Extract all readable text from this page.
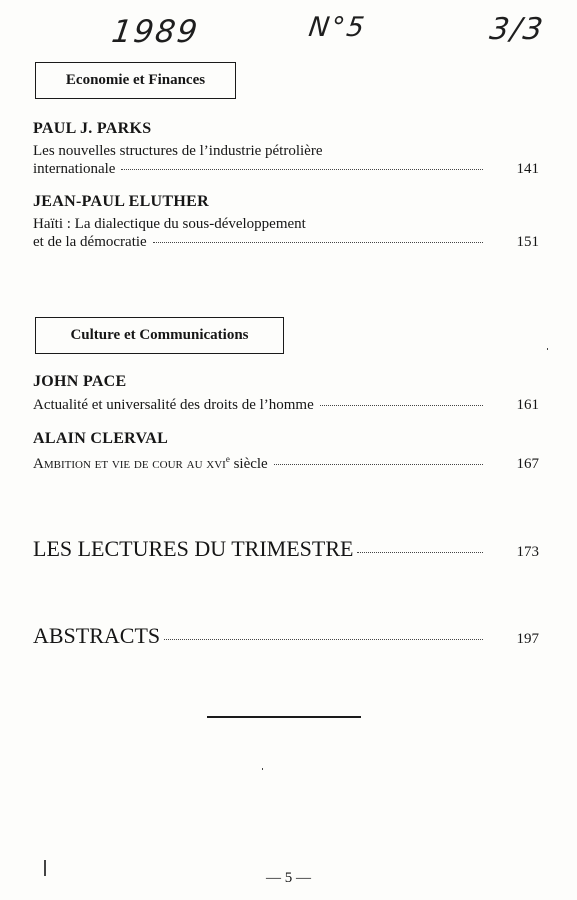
1989	N°5	3/3
Economie et Finances
PAUL J. PARKS
Les nouvelles structures de l’industrie pétrolière
internationale	141
JEAN-PAUL ELUTHER
Haïti : La dialectique du sous-développement
et de la démocratie	151
Culture et Communications
JOHN PACE
Actualité et universalité des droits de l’homme	161
ALAIN CLERVAL
Ambition et vie de cour au xvi$^e$ siècle	167
LES LECTURES DU TRIMESTRE	173
ABSTRACTS	197
— 5 —
